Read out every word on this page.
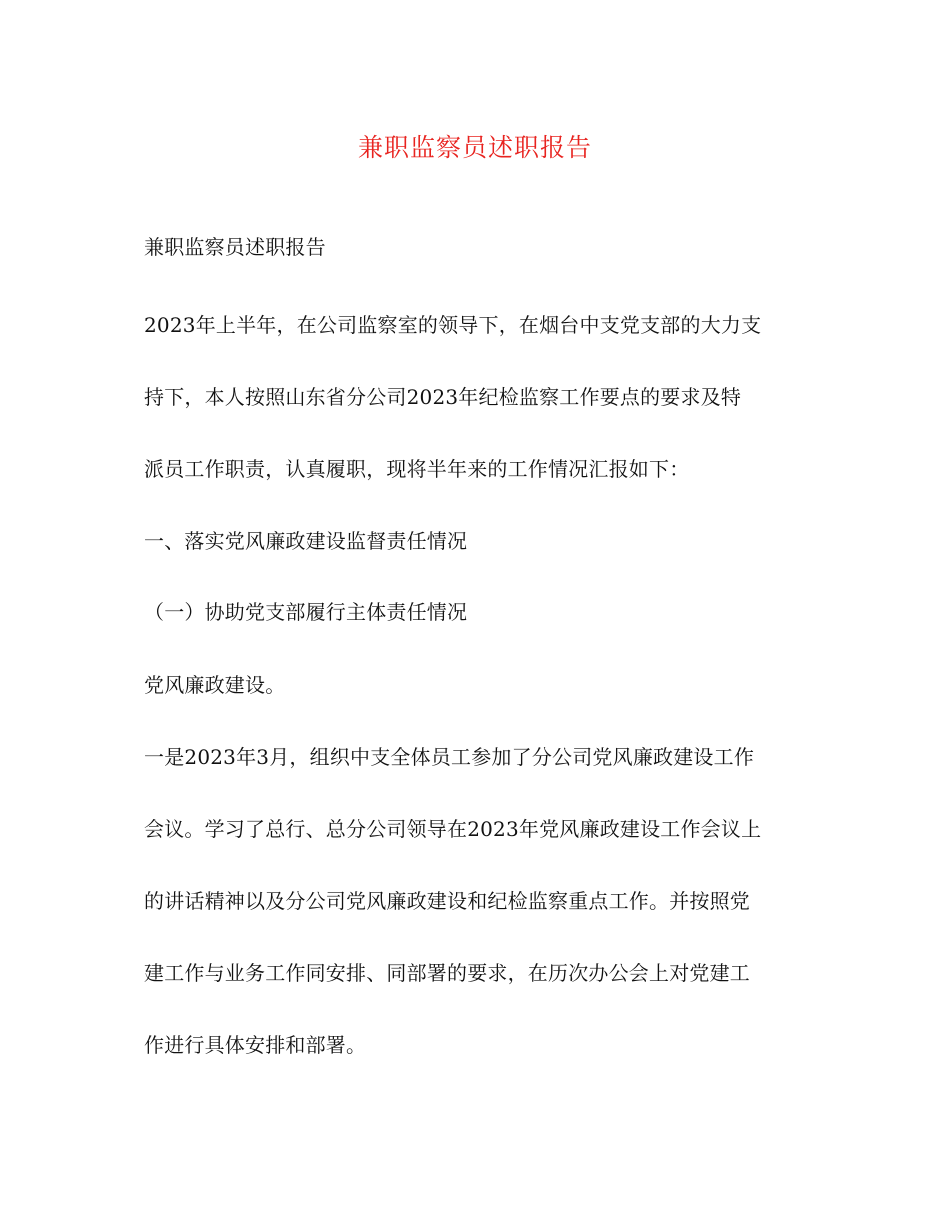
兼职监察员述职报告
兼职监察员述职报告
2023年上半年，在公司监察室的领导下，在烟台中支党支部的大力支
持下，本人按照山东省分公司2023年纪检监察工作要点的要求及特
派员工作职责，认真履职，现将半年来的工作情况汇报如下：
一、落实党风廉政建设监督责任情况
（一）协助党支部履行主体责任情况
党风廉政建设。
一是2023年3月，组织中支全体员工参加了分公司党风廉政建设工作
会议。学习了总行、总分公司领导在2023年党风廉政建设工作会议上
的讲话精神以及分公司党风廉政建设和纪检监察重点工作。并按照党
建工作与业务工作同安排、同部署的要求，在历次办公会上对党建工
作进行具体安排和部署。
